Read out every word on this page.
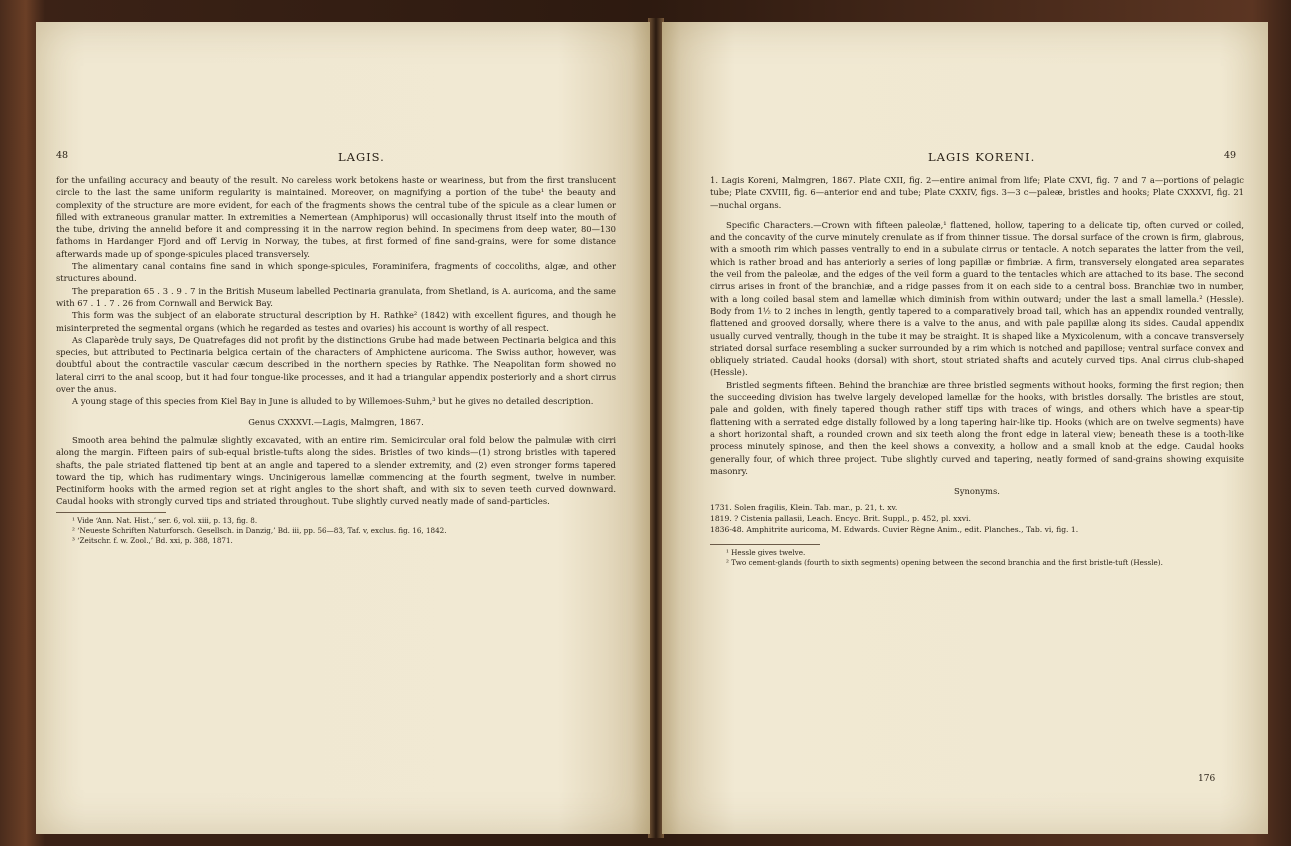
48	LAGIS.

for the unfailing accuracy and beauty of the result. No careless work betokens haste or weariness, but from the first translucent circle to the last the same uniform regularity is maintained. Moreover, on magnifying a portion of the tube¹ the beauty and complexity of the structure are more evident, for each of the fragments shows the central tube of the spicule as a clear lumen or filled with extraneous granular matter. In extremities a Nemertean (Amphiporus) will occasionally thrust itself into the mouth of the tube, driving the annelid before it and compressing it in the narrow region behind. In specimens from deep water, 80—130 fathoms in Hardanger Fjord and off Lervig in Norway, the tubes, at first formed of fine sand-grains, were for some distance afterwards made up of sponge-spicules placed transversely.

The alimentary canal contains fine sand in which sponge-spicules, Foraminifera, fragments of coccoliths, algæ, and other structures abound.

The preparation 65 . 3 . 9 . 7 in the British Museum labelled Pectinaria granulata, from Shetland, is A. auricoma, and the same with 67 . 1 . 7 . 26 from Cornwall and Berwick Bay.

This form was the subject of an elaborate structural description by H. Rathke² (1842) with excellent figures, and though he misinterpreted the segmental organs (which he regarded as testes and ovaries) his account is worthy of all respect.

As Claparède truly says, De Quatrefages did not profit by the distinctions Grube had made between Pectinaria belgica and this species, but attributed to Pectinaria belgica certain of the characters of Amphictene auricoma. The Swiss author, however, was doubtful about the contractile vascular cæcum described in the northern species by Rathke. The Neapolitan form showed no lateral cirri to the anal scoop, but it had four tongue-like processes, and it had a triangular appendix posteriorly and a short cirrus over the anus.

A young stage of this species from Kiel Bay in June is alluded to by Willemoes-Suhm,³ but he gives no detailed description.

Genus CXXXVI.—Lagis, Malmgren, 1867.

Smooth area behind the palmulæ slightly excavated, with an entire rim. Semicircular oral fold below the palmulæ with cirri along the margin. Fifteen pairs of sub-equal bristle-tufts along the sides. Bristles of two kinds—(1) strong bristles with tapered shafts, the pale striated flattened tip bent at an angle and tapered to a slender extremity, and (2) even stronger forms tapered toward the tip, which has rudimentary wings. Uncinigerous lamellæ commencing at the fourth segment, twelve in number. Pectiniform hooks with the armed region set at right angles to the short shaft, and with six to seven teeth curved downward. Caudal hooks with strongly curved tips and striated throughout. Tube slightly curved neatly made of sand-particles.

¹ Vide ‘Ann. Nat. Hist.,’ ser. 6, vol. xiii, p. 13, fig. 8.

² ‘Neueste Schriften Naturforsch. Gesellsch. in Danzig,’ Bd. iii, pp. 56—83, Taf. v, exclus. fig. 16, 1842.

³ ‘Zeitschr. f. w. Zool.,’ Bd. xxi, p. 388, 1871.

LAGIS KORENI.	49

1. Lagis Koreni, Malmgren, 1867. Plate CXII, fig. 2—entire animal from life; Plate CXVI, fig. 7 and 7 a—portions of pelagic tube; Plate CXVIII, fig. 6—anterior end and tube; Plate CXXIV, figs. 3—3 c—paleæ, bristles and hooks; Plate CXXXVI, fig. 21—nuchal organs.

Specific Characters.—Crown with fifteen paleolæ,¹ flattened, hollow, tapering to a delicate tip, often curved or coiled, and the concavity of the curve minutely crenulate as if from thinner tissue. The dorsal surface of the crown is firm, glabrous, with a smooth rim which passes ventrally to end in a subulate cirrus or tentacle. A notch separates the latter from the veil, which is rather broad and has anteriorly a series of long papillæ or fimbriæ. A firm, transversely elongated area separates the veil from the paleolæ, and the edges of the veil form a guard to the tentacles which are attached to its base. The second cirrus arises in front of the branchiæ, and a ridge passes from it on each side to a central boss. Branchiæ two in number, with a long coiled basal stem and lamellæ which diminish from within outward; under the last a small lamella.² (Hessle). Body from 1½ to 2 inches in length, gently tapered to a comparatively broad tail, which has an appendix rounded ventrally, flattened and grooved dorsally, where there is a valve to the anus, and with pale papillæ along its sides. Caudal appendix usually curved ventrally, though in the tube it may be straight. It is shaped like a Myxicolenum, with a concave transversely striated dorsal surface resembling a sucker surrounded by a rim which is notched and papillose; ventral surface convex and obliquely striated. Caudal hooks (dorsal) with short, stout striated shafts and acutely curved tips. Anal cirrus club-shaped (Hessle).

Bristled segments fifteen. Behind the branchiæ are three bristled segments without hooks, forming the first region; then the succeeding division has twelve largely developed lamellæ for the hooks, with bristles dorsally. The bristles are stout, pale and golden, with finely tapered though rather stiff tips with traces of wings, and others which have a spear-tip flattening with a serrated edge distally followed by a long tapering hair-like tip. Hooks (which are on twelve segments) have a short horizontal shaft, a rounded crown and six teeth along the front edge in lateral view; beneath these is a tooth-like process minutely spinose, and then the keel shows a convexity, a hollow and a small knob at the edge. Caudal hooks generally four, of which three project. Tube slightly curved and tapering, neatly formed of sand-grains showing exquisite masonry.

Synonyms.

1731. Solen fragilis, Klein. Tab. mar., p. 21, t. xv.

1819. ? Cistenia pallasii, Leach. Encyc. Brit. Suppl., p. 452, pl. xxvi.

1836-48. Amphitrite auricoma, M. Edwards. Cuvier Règne Anim., edit. Planches., Tab. vi, fig. 1.

¹ Hessle gives twelve.

² Two cement-glands (fourth to sixth segments) opening between the second branchia and the first bristle-tuft (Hessle).

176
